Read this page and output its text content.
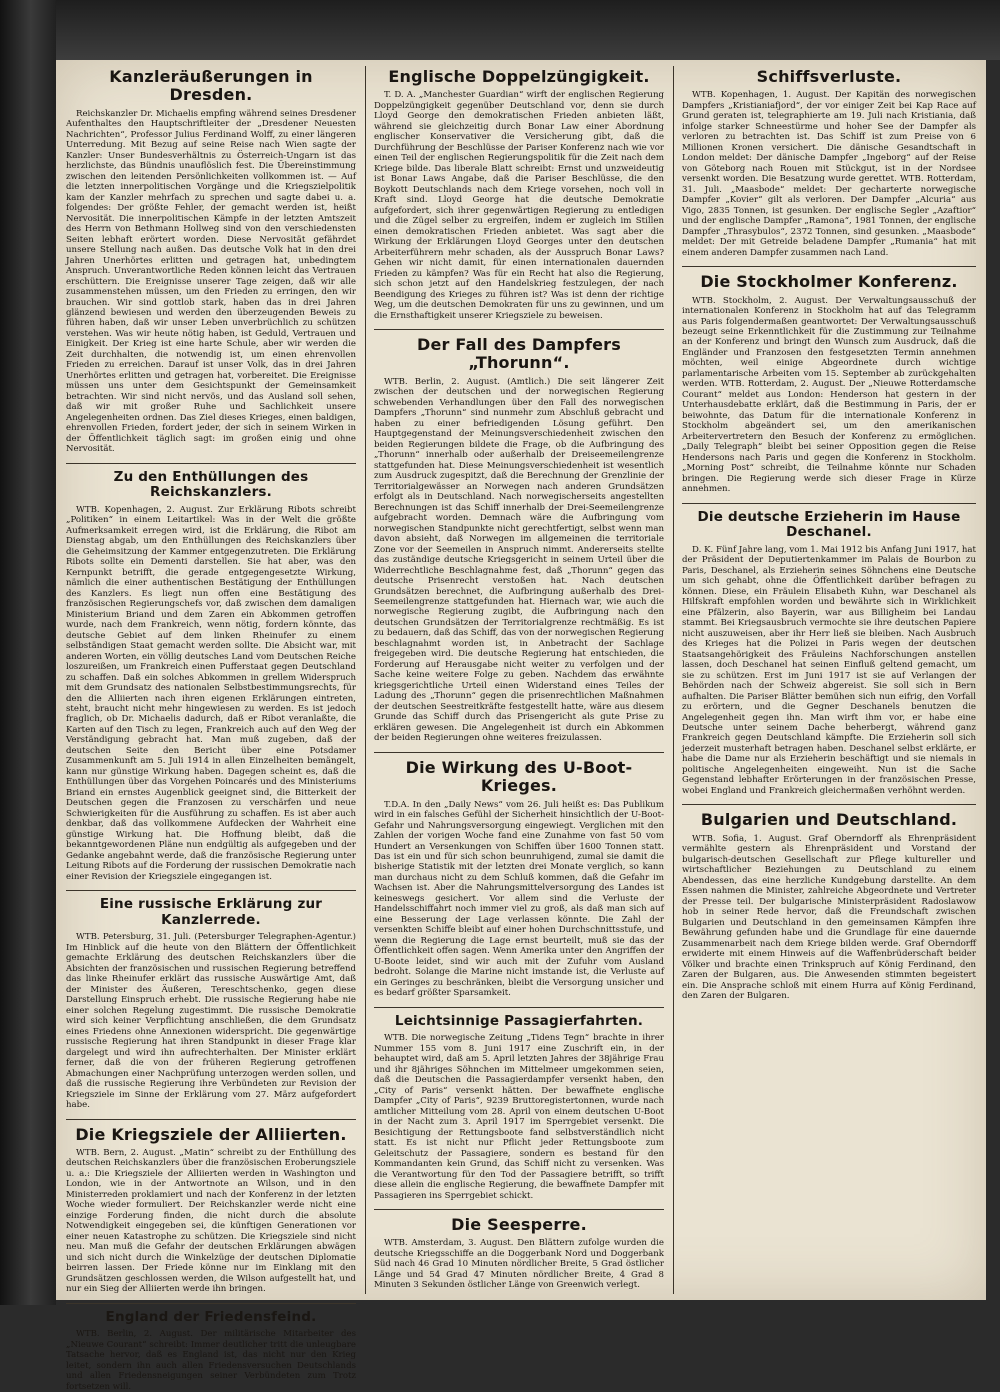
Kanzleräußerungen in Dresden.

Reichskanzler Dr. Michaelis empfing während seines Dresdener Aufenthaltes den Hauptschriftleiter der „Dresdener Neuesten Nachrichten“, Professor Julius Ferdinand Wolff, zu einer längeren Unterredung. Mit Bezug auf seine Reise nach Wien sagte der Kanzler: Unser Bundesverhältnis zu Österreich-Ungarn ist das herzlichste, das Bündnis unauflöslich fest. Die Übereinstimmung zwischen den leitenden Persönlichkeiten vollkommen ist. — Auf die letzten innerpolitischen Vorgänge und die Kriegszielpolitik kam der Kanzler mehrfach zu sprechen und sagte dabei u. a. folgendes: Der größte Fehler, der gemacht werden ist, heißt Nervosität. Die innerpolitischen Kämpfe in der letzten Amtszeit des Herrn von Bethmann Hollweg sind von den verschiedensten Seiten lebhaft erörtert worden. Diese Nervosität gefährdet unsere Stellung nach außen. Das deutsche Volk hat in den drei Jahren Unerhörtes erlitten und getragen hat, unbedingtem Anspruch. Unverantwortliche Reden können leicht das Vertrauen erschüttern. Die Ereignisse unserer Tage zeigen, daß wir alle zusammenstehen müssen, um den Frieden zu erringen, den wir brauchen. Wir sind gottlob stark, haben das in drei Jahren glänzend bewiesen und werden den überzeugenden Beweis zu führen haben, daß wir unser Leben unverbrüchlich zu schützen verstehen. Was wir heute nötig haben, ist Geduld, Vertrauen und Einigkeit. Der Krieg ist eine harte Schule, aber wir werden die Zeit durchhalten, die notwendig ist, um einen ehrenvollen Frieden zu erreichen. Darauf ist unser Volk, das in drei Jahren Unerhörtes erlitten und getragen hat, vorbereitet. Die Ereignisse müssen uns unter dem Gesichtspunkt der Gemeinsamkeit betrachten. Wir sind nicht nervös, und das Ausland soll sehen, daß wir mit großer Ruhe und Sachlichkeit unsere Angelegenheiten ordnen. Das Ziel dieses Krieges, einen baldigen, ehrenvollen Frieden, fordert jeder, der sich in seinem Wirken in der Öffentlichkeit täglich sagt: im großen einig und ohne Nervosität.

Zu den Enthüllungen des Reichskanzlers.

WTB. Kopenhagen, 2. August. Zur Erklärung Ribots schreibt „Politiken“ in einem Leitartikel: Was in der Welt die größte Aufmerksamkeit erregen wird, ist die Erklärung, die Ribot am Dienstag abgab, um den Enthüllungen des Reichskanzlers über die Geheimsitzung der Kammer entgegenzutreten. Die Erklärung Ribots sollte ein Dementi darstellen. Sie hat aber, was den Kernpunkt betrifft, die gerade entgegengesetzte Wirkung, nämlich die einer authentischen Bestätigung der Enthüllungen des Kanzlers. Es liegt nun offen eine Bestätigung des französischen Regierungschefs vor, daß zwischen dem damaligen Ministerium Briand und dem Zaren ein Abkommen getroffen wurde, nach dem Frankreich, wenn nötig, fordern könnte, das deutsche Gebiet auf dem linken Rheinufer zu einem selbständigen Staat gemacht werden sollte. Die Absicht war, mit anderen Worten, ein völlig deutsches Land vom Deutschen Reiche loszureißen, um Frankreich einen Pufferstaat gegen Deutschland zu schaffen. Daß ein solches Abkommen in grellem Widerspruch mit dem Grundsatz des nationalen Selbstbestimmungsrechts, für den die Alliierten nach ihren eigenen Erklärungen eintreten, steht, braucht nicht mehr hingewiesen zu werden. Es ist jedoch fraglich, ob Dr. Michaelis dadurch, daß er Ribot veranlaßte, die Karten auf den Tisch zu legen, Frankreich auch auf den Weg der Verständigung gebracht hat. Man muß zugeben, daß der deutschen Seite den Bericht über eine Potsdamer Zusammenkunft am 5. Juli 1914 in allen Einzelheiten bemängelt, kann nur günstige Wirkung haben. Dagegen scheint es, daß die Enthüllungen über das Vorgehen Poincarés und des Ministeriums Briand ein ernstes Augenblick geeignet sind, die Bitterkeit der Deutschen gegen die Franzosen zu verschärfen und neue Schwierigkeiten für die Ausführung zu schaffen. Es ist aber auch denkbar, daß das vollkommene Aufdecken der Wahrheit eine günstige Wirkung hat. Die Hoffnung bleibt, daß die bekanntgewordenen Pläne nun endgültig als aufgegeben und der Gedanke angebahnt werde, daß die französische Regierung unter Leitung Ribots auf die Forderung der russischen Demokratie nach einer Revision der Kriegsziele eingegangen ist.

Eine russische Erklärung zur Kanzlerrede.

WTB. Petersburg, 31. Juli. (Petersburger Telegraphen-Agentur.) Im Hinblick auf die heute von den Blättern der Öffentlichkeit gemachte Erklärung des deutschen Reichskanzlers über die Absichten der französischen und russischen Regierung betreffend das linke Rheinufer erklärt das russische Auswärtige Amt, daß der Minister des Äußeren, Tereschtschenko, gegen diese Darstellung Einspruch erhebt. Die russische Regierung habe nie einer solchen Regelung zugestimmt. Die russische Demokratie wird sich keiner Verpflichtung anschließen, die dem Grundsatz eines Friedens ohne Annexionen widerspricht. Die gegenwärtige russische Regierung hat ihren Standpunkt in dieser Frage klar dargelegt und wird ihn aufrechterhalten. Der Minister erklärt ferner, daß die von der früheren Regierung getroffenen Abmachungen einer Nachprüfung unterzogen werden sollen, und daß die russische Regierung ihre Verbündeten zur Revision der Kriegsziele im Sinne der Erklärung vom 27. März aufgefordert habe.

Die Kriegsziele der Alliierten.

WTB. Bern, 2. August. „Matin“ schreibt zu der Enthüllung des deutschen Reichskanzlers über die französischen Eroberungsziele u. a.: Die Kriegsziele der Alliierten werden in Washington und London, wie in der Antwortnote an Wilson, und in den Ministerreden proklamiert und nach der Konferenz in der letzten Woche wieder formuliert. Der Reichskanzler werde nicht eine einzige Forderung finden, die nicht durch die absolute Notwendigkeit eingegeben sei, die künftigen Generationen vor einer neuen Katastrophe zu schützen. Die Kriegsziele sind nicht neu. Man muß die Gefahr der deutschen Erklärungen abwägen und sich nicht durch die Winkelzüge der deutschen Diplomatie beirren lassen. Der Friede könne nur im Einklang mit den Grundsätzen geschlossen werden, die Wilson aufgestellt hat, und nur ein Sieg der Alliierten werde ihn bringen.

England der Friedensfeind.

WTB. Berlin, 2. August. Der militärische Mitarbeiter des „Nieuwe Courant“ schreibt: Immer deutlicher tritt die unleugbare Tatsache hervor, daß es England ist, das nicht nur den Krieg leitet, sondern ihn auch allen Friedensversuchen Deutschlands und allen Friedensneigungen seiner Verbündeten zum Trotz fortsetzen will.

Englische Doppelzüngigkeit.

T. D. A. „Manchester Guardian“ wirft der englischen Regierung Doppelzüngigkeit gegenüber Deutschland vor, denn sie durch Lloyd George den demokratischen Frieden anbieten läßt, während sie gleichzeitig durch Bonar Law einer Abordnung englischer Konservativer die Versicherung gibt, daß die Durchführung der Beschlüsse der Pariser Konferenz nach wie vor einen Teil der englischen Regierungspolitik für die Zeit nach dem Kriege bilde. Das liberale Blatt schreibt: Ernst und unzweideutig ist Bonar Laws Angabe, daß die Pariser Beschlüsse, die den Boykott Deutschlands nach dem Kriege vorsehen, noch voll in Kraft sind. Lloyd George hat die deutsche Demokratie aufgefordert, sich ihrer gegenwärtigen Regierung zu entledigen und die Zügel selber zu ergreifen, indem er zugleich im Stillen einen demokratischen Frieden anbietet. Was sagt aber die Wirkung der Erklärungen Lloyd Georges unter den deutschen Arbeiterführern mehr schaden, als der Ausspruch Bonar Laws? Gehen wir nicht damit, für einen internationalen dauernden Frieden zu kämpfen? Was für ein Recht hat also die Regierung, sich schon jetzt auf den Handelskrieg festzulegen, der nach Beendigung des Krieges zu führen ist? Was ist denn der richtige Weg, um die deutschen Demokraten für uns zu gewinnen, und um die Ernsthaftigkeit unserer Kriegsziele zu beweisen.

Der Fall des Dampfers „Thorunn“.

WTB. Berlin, 2. August. (Amtlich.) Die seit längerer Zeit zwischen der deutschen und der norwegischen Regierung schwebenden Verhandlungen über den Fall des norwegischen Dampfers „Thorunn“ sind nunmehr zum Abschluß gebracht und haben zu einer befriedigenden Lösung geführt. Den Hauptgegenstand der Meinungsverschiedenheit zwischen den beiden Regierungen bildete die Frage, ob die Aufbringung des „Thorunn“ innerhalb oder außerhalb der Dreiseemeilengrenze stattgefunden hat. Diese Meinungsverschiedenheit ist wesentlich zum Ausdruck zugespitzt, daß die Berechnung der Grenzlinie der Territorialgewässer an Norwegen nach anderen Grundsätzen erfolgt als in Deutschland. Nach norwegischerseits angestellten Berechnungen ist das Schiff innerhalb der Drei-Seemeilengrenze aufgebracht worden. Demnach wäre die Aufbringung vom norwegischen Standpunkte nicht gerechtfertigt, selbst wenn man davon absieht, daß Norwegen im allgemeinen die territoriale Zone vor der Seemeilen in Anspruch nimmt. Andererseits stellte das zuständige deutsche Kriegsgericht in seinem Urteil über die Widerrechtliche Beschlagnahme fest, daß „Thorunn“ gegen das deutsche Prisenrecht verstoßen hat. Nach deutschen Grundsätzen berechnet, die Aufbringung außerhalb des Drei-Seemeilengrenze stattgefunden hat. Hiernach war, wie auch die norwegische Regierung zugibt, die Aufbringung nach den deutschen Grundsätzen der Territorialgrenze rechtmäßig. Es ist zu bedauern, daß das Schiff, das von der norwegischen Regierung beschlagnahmt worden ist, in Anbetracht der Sachlage freigegeben wird. Die deutsche Regierung hat entschieden, die Forderung auf Herausgabe nicht weiter zu verfolgen und der Sache keine weitere Folge zu geben. Nachdem das erwähnte kriegsgerichtliche Urteil einen Widerstand eines Teiles der Ladung des „Thorunn“ gegen die prisenrechtlichen Maßnahmen der deutschen Seestreitkräfte festgestellt hatte, wäre aus diesem Grunde das Schiff durch das Prisengericht als gute Prise zu erklären gewesen. Die Angelegenheit ist durch ein Abkommen der beiden Regierungen ohne weiteres freizulassen.

Die Wirkung des U-Boot-Krieges.

T.D.A. In den „Daily News“ vom 26. Juli heißt es: Das Publikum wird in ein falsches Gefühl der Sicherheit hinsichtlich der U-Boot-Gefahr und Nahrungsversorgung eingewiegt. Verglichen mit den Zahlen der vorigen Woche fand eine Zunahme von fast 50 vom Hundert an Versenkungen von Schiffen über 1600 Tonnen statt. Das ist ein und für sich schon beunruhigend, zumal sie damit die bisherige Statistik mit der letzten drei Monate verglich, so kann man durchaus nicht zu dem Schluß kommen, daß die Gefahr im Wachsen ist. Aber die Nahrungsmittelversorgung des Landes ist keineswegs gesichert. Vor allem sind die Verluste der Handelsschiffahrt noch immer viel zu groß, als daß man sich auf eine Besserung der Lage verlassen könnte. Die Zahl der versenkten Schiffe bleibt auf einer hohen Durchschnittsstufe, und wenn die Regierung die Lage ernst beurteilt, muß sie das der Öffentlichkeit offen sagen. Wenn Amerika unter den Angriffen der U-Boote leidet, sind wir auch mit der Zufuhr vom Ausland bedroht. Solange die Marine nicht imstande ist, die Verluste auf ein Geringes zu beschränken, bleibt die Versorgung unsicher und es bedarf größter Sparsamkeit.

Leichtsinnige Passagierfahrten.

WTB. Die norwegische Zeitung „Tidens Tegn“ brachte in ihrer Nummer 155 vom 8. Juni 1917 eine Zuschrift ein, in der behauptet wird, daß am 5. April letzten Jahres der 38jährige Frau und ihr 8jähriges Söhnchen im Mittelmeer umgekommen seien, daß die Deutschen die Passagierdampfer versenkt haben, den „City of Paris“ versenkt hätten. Der bewaffnete englische Dampfer „City of Paris“, 9239 Bruttoregistertonnen, wurde nach amtlicher Mitteilung vom 28. April von einem deutschen U-Boot in der Nacht zum 3. April 1917 im Sperrgebiet versenkt. Die Besichtigung der Rettungsboote fand selbstverständlich nicht statt. Es ist nicht nur Pflicht jeder Rettungsboote zum Geleitschutz der Passagiere, sondern es bestand für den Kommandanten kein Grund, das Schiff nicht zu versenken. Was die Verantwortung für den Tod der Passagiere betrifft, so trifft diese allein die englische Regierung, die bewaffnete Dampfer mit Passagieren ins Sperrgebiet schickt.

Die Seesperre.

WTB. Amsterdam, 3. August. Den Blättern zufolge wurden die deutsche Kriegsschiffe an die Doggerbank Nord und Doggerbank Süd nach 46 Grad 10 Minuten nördlicher Breite, 5 Grad östlicher Länge und 54 Grad 47 Minuten nördlicher Breite, 4 Grad 8 Minuten 3 Sekunden östlicher Länge von Greenwich verlegt.

Schiffsverluste.

WTB. Kopenhagen, 1. August. Der Kapitän des norwegischen Dampfers „Kristianiafjord“, der vor einiger Zeit bei Kap Race auf Grund geraten ist, telegraphierte am 19. Juli nach Kristiania, daß infolge starker Schneestürme und hoher See der Dampfer als verloren zu betrachten ist. Das Schiff ist zum Preise von 6 Millionen Kronen versichert. Die dänische Gesandtschaft in London meldet: Der dänische Dampfer „Ingeborg“ auf der Reise von Göteborg nach Rouen mit Stückgut, ist in der Nordsee versenkt worden. Die Besatzung wurde gerettet. WTB. Rotterdam, 31. Juli. „Maasbode“ meldet: Der gecharterte norwegische Dampfer „Kovier“ gilt als verloren. Der Dampfer „Alcuria“ aus Vigo, 2835 Tonnen, ist gesunken. Der englische Segler „Azaftior“ und der englische Dampfer „Ramona“, 1981 Tonnen, der englische Dampfer „Thrasybulos“, 2372 Tonnen, sind gesunken. „Maasbode“ meldet: Der mit Getreide beladene Dampfer „Rumania“ hat mit einem anderen Dampfer zusammen nach Land.

Die Stockholmer Konferenz.

WTB. Stockholm, 2. August. Der Verwaltungsausschuß der internationalen Konferenz in Stockholm hat auf das Telegramm aus Paris folgendermaßen geantwortet: Der Verwaltungsausschuß bezeugt seine Erkenntlichkeit für die Zustimmung zur Teilnahme an der Konferenz und bringt den Wunsch zum Ausdruck, daß die Engländer und Franzosen den festgesetzten Termin annehmen möchten, weil einige Abgeordnete durch wichtige parlamentarische Arbeiten vom 15. September ab zurückgehalten werden. WTB. Rotterdam, 2. August. Der „Nieuwe Rotterdamsche Courant“ meldet aus London: Henderson hat gestern in der Unterhausdebatte erklärt, daß die Bestimmung in Paris, der er beiwohnte, das Datum für die internationale Konferenz in Stockholm abgeändert sei, um den amerikanischen Arbeitervertretern den Besuch der Konferenz zu ermöglichen. „Daily Telegraph“ bleibt bei seiner Opposition gegen die Reise Hendersons nach Paris und gegen die Konferenz in Stockholm. „Morning Post“ schreibt, die Teilnahme könnte nur Schaden bringen. Die Regierung werde sich dieser Frage in Kürze annehmen.

Die deutsche Erzieherin im Hause Deschanel.

D. K. Fünf Jahre lang, vom 1. Mai 1912 bis Anfang Juni 1917, hat der Präsident der Deputiertenkammer im Palais de Bourbon zu Paris, Deschanel, als Erzieherin seines Söhnchens eine Deutsche um sich gehabt, ohne die Öffentlichkeit darüber befragen zu können. Diese, ein Fräulein Elisabeth Kuhn, war Deschanel als Hilfskraft empfohlen worden und bewährte sich in Wirklichkeit eine Pfälzerin, also Bayerin, war aus Billigheim bei Landau stammt. Bei Kriegsausbruch vermochte sie ihre deutschen Papiere nicht auszuweisen, aber ihr Herr ließ sie bleiben. Nach Ausbruch des Krieges hat die Polizei in Paris wegen der deutschen Staatsangehörigkeit des Fräuleins Nachforschungen anstellen lassen, doch Deschanel hat seinen Einfluß geltend gemacht, um sie zu schützen. Erst im Juni 1917 ist sie auf Verlangen der Behörden nach der Schweiz abgereist. Sie soll sich in Bern aufhalten. Die Pariser Blätter bemühen sich nun eifrig, den Vorfall zu erörtern, und die Gegner Deschanels benutzen die Angelegenheit gegen ihn. Man wirft ihm vor, er habe eine Deutsche unter seinem Dache beherbergt, während ganz Frankreich gegen Deutschland kämpfte. Die Erzieherin soll sich jederzeit musterhaft betragen haben. Deschanel selbst erklärte, er habe die Dame nur als Erzieherin beschäftigt und sie niemals in politische Angelegenheiten eingeweiht. Nun ist die Sache Gegenstand lebhafter Erörterungen in der französischen Presse, wobei England und Frankreich gleichermaßen verhöhnt werden.

Bulgarien und Deutschland.

WTB. Sofia, 1. August. Graf Oberndorff als Ehrenpräsident vermählte gestern als Ehrenpräsident und Vorstand der bulgarisch-deutschen Gesellschaft zur Pflege kultureller und wirtschaftlicher Beziehungen zu Deutschland zu einem Abendessen, das eine herzliche Kundgebung darstellte. An dem Essen nahmen die Minister, zahlreiche Abgeordnete und Vertreter der Presse teil. Der bulgarische Ministerpräsident Radoslawow hob in seiner Rede hervor, daß die Freundschaft zwischen Bulgarien und Deutschland in den gemeinsamen Kämpfen ihre Bewährung gefunden habe und die Grundlage für eine dauernde Zusammenarbeit nach dem Kriege bilden werde. Graf Oberndorff erwiderte mit einem Hinweis auf die Waffenbrüderschaft beider Völker und brachte einen Trinkspruch auf König Ferdinand, den Zaren der Bulgaren, aus. Die Anwesenden stimmten begeistert ein. Die Ansprache schloß mit einem Hurra auf König Ferdinand, den Zaren der Bulgaren.
